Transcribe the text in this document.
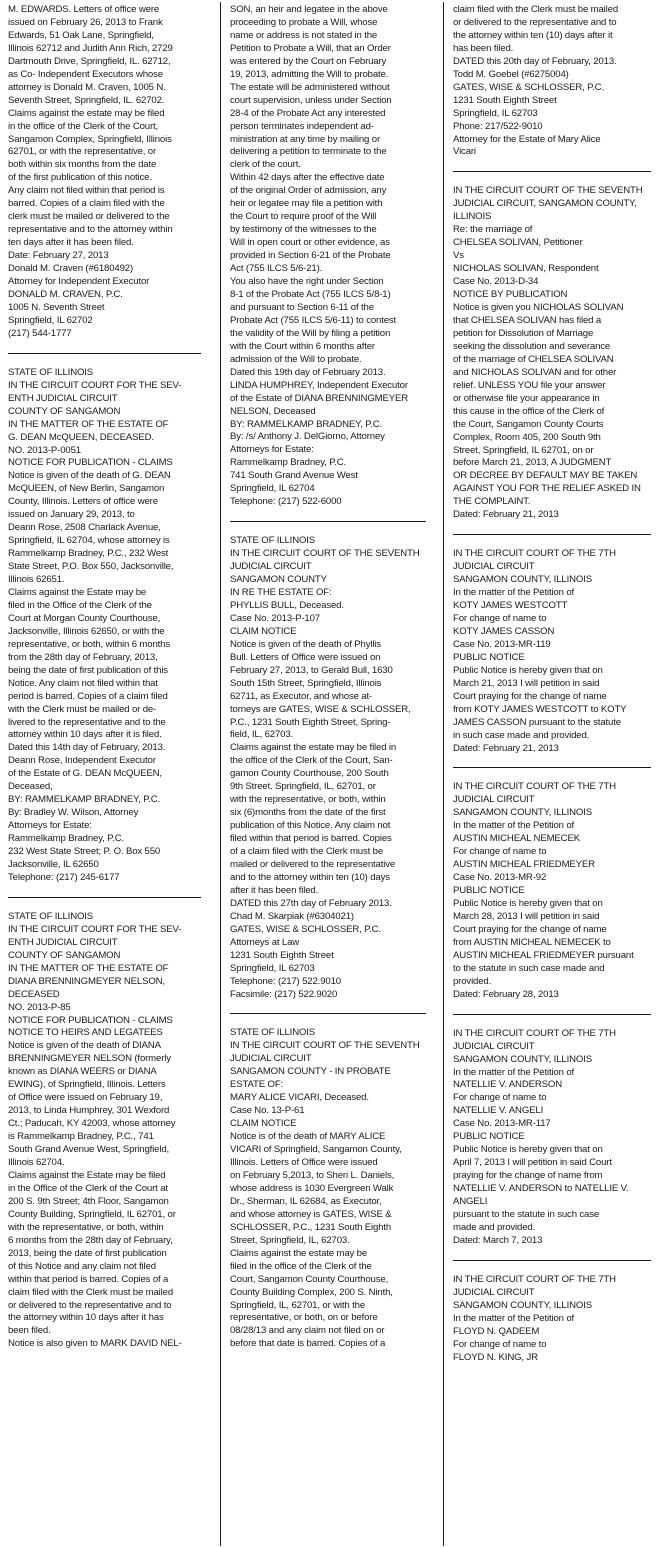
M. EDWARDS. Letters of office were
issued on February 26, 2013 to Frank
Edwards, 51 Oak Lane, Springfield,
Illinois 62712 and Judith Ann Rich, 2729
Dartmouth Drive, Springfield, IL. 62712,
as Co- Independent Executors whose
attorney is Donald M. Craven, 1005 N.
Seventh Street, Springfield, IL. 62702.
Claims against the estate may be filed
in the office of the Clerk of the Court,
Sangamon Complex, Springfield, Illinois
62701, or with the representative, or
both within six months from the date
of the first publication of this notice.
Any claim not filed within that period is
barred. Copies of a claim filed with the
clerk must be mailed or delivered to the
representative and to the attorney within
ten days after it has been filed.
Date: February 27, 2013
Donald M. Craven (#6180492)
Attorney for Independent Executor
DONALD M. CRAVEN, P.C.
1005 N. Seventh Street
Springfield, IL 62702
(217) 544-1777
STATE OF ILLINOIS
IN THE CIRCUIT COURT FOR THE SEV-
ENTH JUDICIAL CIRCUIT
COUNTY OF SANGAMON
IN THE MATTER OF THE ESTATE OF
G. DEAN McQUEEN, DECEASED.
NO. 2013-P-0051
NOTICE FOR PUBLICATION - CLAIMS
Notice is given of the death of G. DEAN
McQUEEN, of New Berlin, Sangamon
County, Illinois. Letters of office were
issued on January 29, 2013, to
Deann Rose, 2508 Charlack Avenue,
Springfield, IL 62704, whose attorney is
Rammelkamp Bradney, P.C., 232 West
State Street, P.O. Box 550, Jacksonville,
Illinois 62651.
Claims against the Estate may be
filed in the Office of the Clerk of the
Court at Morgan County Courthouse,
Jacksonville, Illinois 62650, or with the
representative, or both, within 6 months
from the 28th day of February, 2013,
being the date of first publication of this
Notice. Any claim not filed within that
period is barred. Copies of a claim filed
with the Clerk must be mailed or de-
livered to the representative and to the
attorney within 10 days after it is filed.
Dated this 14th day of February, 2013.
Deann Rose, Independent Executor
of the Estate of G. DEAN McQUEEN,
Deceased,
BY: RAMMELKAMP BRADNEY, P.C.
By: Bradley W. Wilson, Attorney
Attorneys for Estate:
Rammelkamp Bradney, P.C.
232 West State Street; P. O. Box 550
Jacksonville, IL 62650
Telephone: (217) 245-6177
STATE OF ILLINOIS
IN THE CIRCUIT COURT FOR THE SEV-
ENTH JUDICIAL CIRCUIT
COUNTY OF SANGAMON
IN THE MATTER OF THE ESTATE OF
DIANA BRENNINGMEYER NELSON,
DECEASED
NO. 2013-P-85
NOTICE FOR PUBLICATION - CLAIMS
NOTICE TO HEIRS AND LEGATEES
Notice is given of the death of DIANA
BRENNINGMEYER NELSON (formerly
known as DIANA WEERS or DIANA
EWING), of Springfield, Illinois. Letters
of Office were issued on February 19,
2013, to Linda Humphrey, 301 Wexford
Ct.; Paducah, KY 42003, whose attorney
is Rammelkamp Bradney, P.C., 741
South Grand Avenue West, Springfield,
Illinois 62704.
Claims against the Estate may be filed
in the Office of the Clerk of the Court at
200 S. 9th Street; 4th Floor, Sangamon
County Building, Springfield, IL 62701, or
with the representative, or both, within
6 months from the 28th day of February,
2013, being the date of first publication
of this Notice and any claim not filed
within that period is barred. Copies of a
claim filed with the Clerk must be mailed
or delivered to the representative and to
the attorney within 10 days after it has
been filed.
Notice is also given to MARK DAVID NEL-
SON, an heir and legatee in the above
proceeding to probate a Will, whose
name or address is not stated in the
Petition to Probate a Will, that an Order
was entered by the Court on February
19, 2013, admitting the Will to probate.
The estate will be administered without
court supervision, unless under Section
28-4 of the Probate Act any interested
person terminates independent ad-
ministration at any time by mailing or
delivering a petition to terminate to the
clerk of the court.
Within 42 days after the effective date
of the original Order of admission, any
heir or legatee may file a petition with
the Court to require proof of the Will
by testimony of the witnesses to the
Will in open court or other evidence, as
provided in Section 6-21 of the Probate
Act (755 ILCS 5/6-21).
You also have the right under Section
8-1 of the Probate Act (755 ILCS 5/8-1)
and pursuant to Section 6-11 of the
Probate Act (755 ILCS 5/6-11) to contest
the validity of the Will by filing a petition
with the Court within 6 months after
admission of the Will to probate.
Dated this 19th day of February 2013.
LINDA HUMPHREY, Independent Executor
of the Estate of DIANA BRENNINGMEYER
NELSON, Deceased
BY: RAMMELKAMP BRADNEY, P.C.
By: /s/ Anthony J. DelGiorno, Attorney
Attorneys for Estate:
Rammelkamp Bradney, P.C.
741 South Grand Avenue West
Springfield, IL 62704
Telephone: (217) 522-6000
STATE OF ILLINOIS
IN THE CIRCUIT COURT OF THE SEVENTH
JUDICIAL CIRCUIT
SANGAMON COUNTY
IN RE THE ESTATE OF:
PHYLLIS BULL, Deceased.
Case No. 2013-P-107
CLAIM NOTICE
Notice is given of the death of Phyllis
Bull. Letters of Office were issued on
February 27, 2013, to Gerald Bull, 1630
South 15th Street, Springfield, Illinois
62711, as Executor, and whose at-
torneys are GATES, WISE & SCHLOSSER,
P.C., 1231 South Eighth Street, Spring-
field, IL, 62703.
Claims against the estate may be filed in
the office of the Clerk of the Court, San-
gamon County Courthouse, 200 South
9th Street. Springfield, IL, 62701, or
with the representative, or both, within
six (6)months from the date of the first
publication of this Notice. Any claim not
filed within that period is barred. Copies
of a claim filed with the Clerk must be
mailed or delivered to the representative
and to the attorney within ten (10) days
after it has been filed.
DATED this 27th day of February 2013.
Chad M. Skarpiak (#6304021)
GATES, WISE & SCHLOSSER, P.C.
Attorneys at Law
1231 South Eighth Street
Springfield, IL 62703
Telephone: (217) 522.9010
Facsimile: (217) 522.9020
STATE OF ILLINOIS
IN THE CIRCUIT COURT OF THE SEVENTH
JUDICIAL CIRCUIT
SANGAMON COUNTY - IN PROBATE
ESTATE OF:
MARY ALICE VICARI, Deceased.
Case No. 13-P-61
CLAIM NOTICE
Notice is of the death of MARY ALICE
VICARI of Springfield, Sangamon County,
Illinois. Letters of Office were issued
on February 5,2013, to Sheri L. Daniels,
whose address is 1030 Evergreen Walk
Dr., Sherman, IL 62684, as Executor,
and whose attorney is GATES, WISE &
SCHLOSSER, P.C., 1231 South Eighth
Street, Springfield, IL, 62703.
Claims against the estate may be
filed in the office of the Clerk of the
Court, Sangamon County Courthouse,
County Building Complex, 200 S. Ninth,
Springfield, IL, 62701, or with the
representative, or both, on or before
08/28/13 and any claim not filed on or
before that date is barred. Copies of a
claim filed with the Clerk must be mailed
or delivered to the representative and to
the attorney within ten (10) days after it
has been filed.
DATED this 20th day of February, 2013.
Todd M. Goebel (#6275004)
GATES, WISE & SCHLOSSER, P.C.
1231 South Eighth Street
Springfield, IL 62703
Phone: 217/522-9010
Attorney for the Estate of Mary Alice
Vicari
IN THE CIRCUIT COURT OF THE SEVENTH
JUDICIAL CIRCUIT, SANGAMON COUNTY,
ILLINOIS
Re: the marriage of
CHELSEA SOLIVAN, Petitioner
Vs
NICHOLAS SOLIVAN, Respondent
Case No. 2013-D-34
NOTICE BY PUBLICATION
Notice is given you NICHOLAS SOLIVAN
that CHELSEA SOLIVAN has filed a
petition for Dissolution of Marriage
seeking the dissolution and severance
of the marriage of CHELSEA SOLIVAN
and NICHOLAS SOLIVAN and for other
relief. UNLESS YOU file your answer
or otherwise file your appearance in
this cause in the office of the Clerk of
the Court, Sangamon County Courts
Complex, Room 405, 200 South 9th
Street, Springfield, IL 62701, on or
before March 21, 2013, A JUDGMENT
OR DECREE BY DEFAULT MAY BE TAKEN
AGAINST YOU FOR THE RELIEF ASKED IN
THE COMPLAINT.
Dated: February 21, 2013
IN THE CIRCUIT COURT OF THE 7TH
JUDICIAL CIRCUIT
SANGAMON COUNTY, ILLINOIS
In the matter of the Petition of
KOTY JAMES WESTCOTT
For change of name to
KOTY JAMES CASSON
Case No. 2013-MR-119
PUBLIC NOTICE
Public Notice is hereby given that on
March 21, 2013 I will petition in said
Court praying for the change of name
from KOTY JAMES WESTCOTT to KOTY
JAMES CASSON pursuant to the statute
in such case made and provided.
Dated: February 21, 2013
IN THE CIRCUIT COURT OF THE 7TH
JUDICIAL CIRCUIT
SANGAMON COUNTY, ILLINOIS
In the matter of the Petition of
AUSTIN MICHEAL NEMECEK
For change of name to
AUSTIN MICHEAL FRIEDMEYER
Case No. 2013-MR-92
PUBLIC NOTICE
Public Notice is hereby given that on
March 28, 2013 I will petition in said
Court praying for the change of name
from AUSTIN MICHEAL NEMECEK to
AUSTIN MICHEAL FRIEDMEYER pursuant
to the statute in such case made and
provided.
Dated: February 28, 2013
IN THE CIRCUIT COURT OF THE 7TH
JUDICIAL CIRCUIT
SANGAMON COUNTY, ILLINOIS
In the matter of the Petition of
NATELLIE V. ANDERSON
For change of name to
NATELLIE V. ANGELI
Case No. 2013-MR-117
PUBLIC NOTICE
Public Notice is hereby given that on
April 7, 2013 I will petition in said Court
praying for the change of name from
NATELLIE V. ANDERSON to NATELLIE V.
ANGELI
pursuant to the statute in such case
made and provided.
Dated: March 7, 2013
IN THE CIRCUIT COURT OF THE 7TH
JUDICIAL CIRCUIT
SANGAMON COUNTY, ILLINOIS
In the matter of the Petition of
FLOYD N. QADEEM
For change of name to
FLOYD N. KING, JR
